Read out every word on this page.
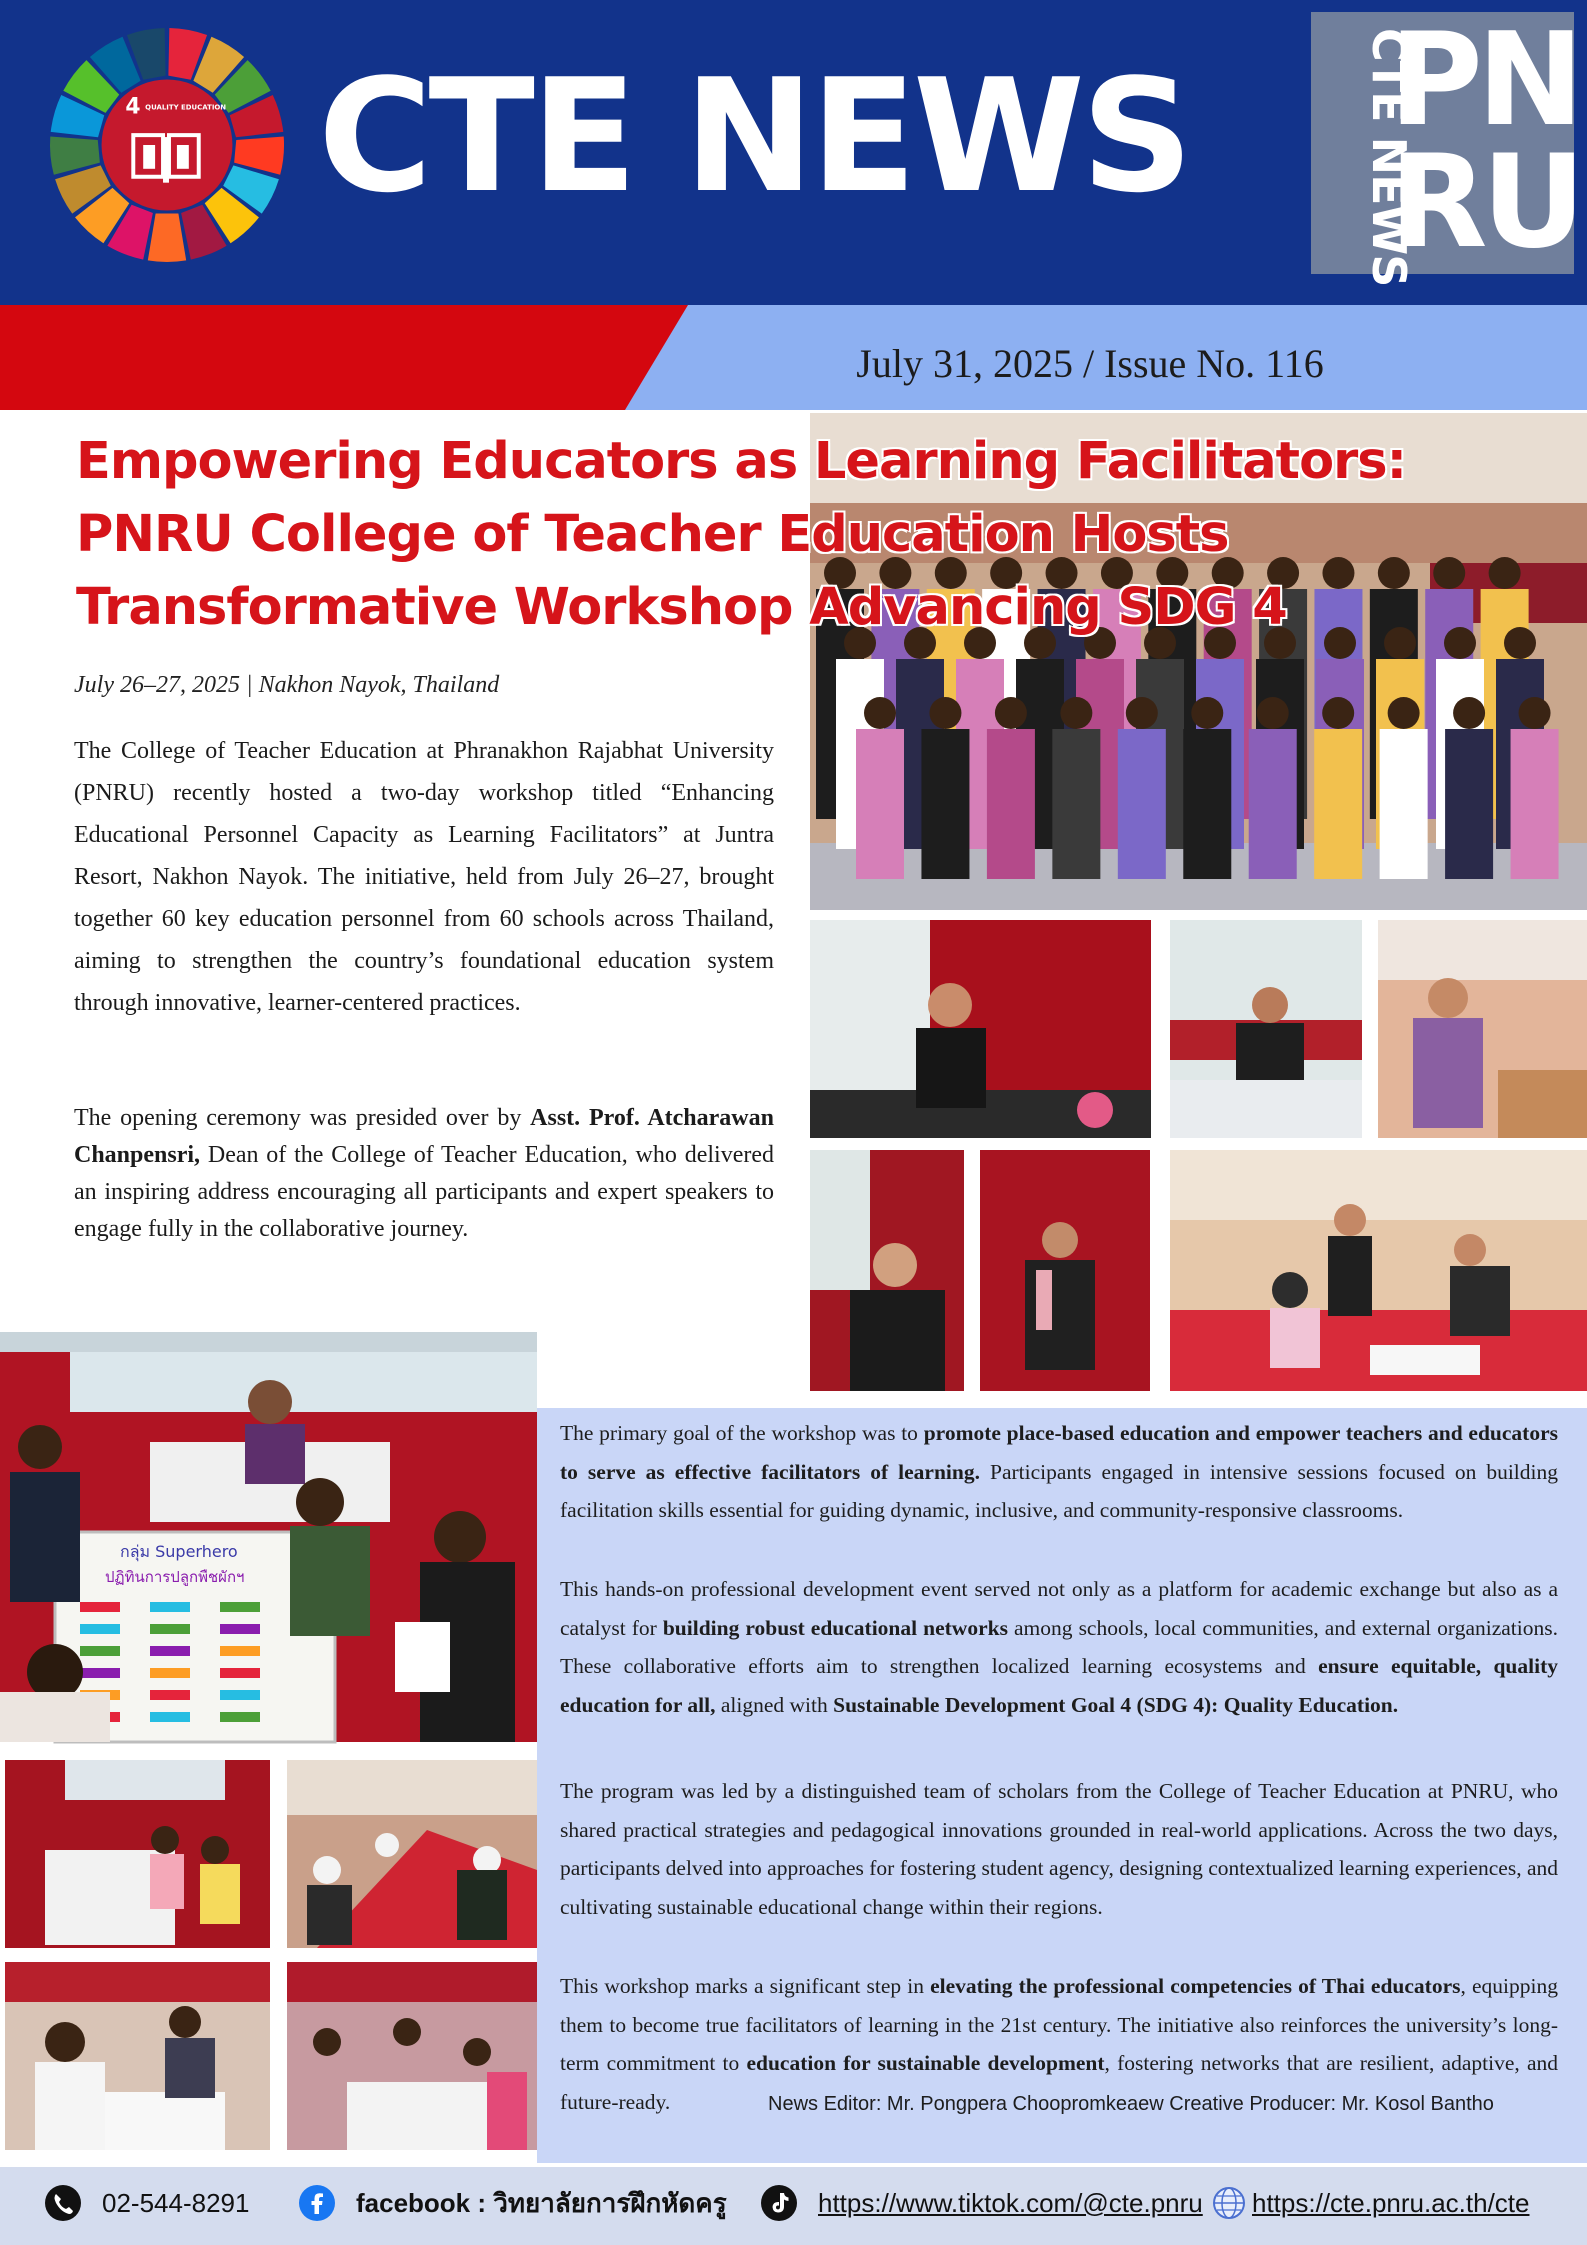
4 QUALITY EDUCATION CTE NEWS	CTE NEWS
PN
RU
July 31, 2025 / Issue No. 116
Empowering Educators as Learning Facilitators:
PNRU College of Teacher Education Hosts
Transformative Workshop Advancing SDG 4
July 26–27, 2025 | Nakhon Nayok, Thailand
The College of Teacher Education at Phranakhon Rajabhat University (PNRU) recently hosted a two-day workshop titled “Enhancing Educational Personnel Capacity as Learning Facilitators” at Juntra Resort, Nakhon Nayok. The initiative, held from July 26–27, brought together 60 key education personnel from 60 schools across Thailand, aiming to strengthen the country’s foundational education system through innovative, learner-centered practices.
The opening ceremony was presided over by Asst. Prof. Atcharawan Chanpensri, Dean of the College of Teacher Education, who delivered an inspiring address encouraging all participants and expert speakers to engage fully in the collaborative journey.
กลุ่ม Superhero
ปฏิทินการปลูกพืชผักฯ
The primary goal of the workshop was to promote place-based education and empower teachers and educators to serve as effective facilitators of learning. Participants engaged in intensive sessions focused on building facilitation skills essential for guiding dynamic, inclusive, and community-responsive classrooms.
This hands-on professional development event served not only as a platform for academic exchange but also as a catalyst for building robust educational networks among schools, local communities, and external organizations. These collaborative efforts aim to strengthen localized learning ecosystems and ensure equitable, quality education for all, aligned with Sustainable Development Goal 4 (SDG 4): Quality Education.
The program was led by a distinguished team of scholars from the College of Teacher Education at PNRU, who shared practical strategies and pedagogical innovations grounded in real-world applications. Across the two days, participants delved into approaches for fostering student agency, designing contextualized learning experiences, and cultivating sustainable educational change within their regions.
This workshop marks a significant step in elevating the professional competencies of Thai educators, equipping them to become true facilitators of learning in the 21st century. The initiative also reinforces the university’s long-term commitment to education for sustainable development, fostering networks that are resilient, adaptive, and future-ready.	News Editor: Mr. Pongpera Choopromkeaew Creative Producer: Mr. Kosol Bantho
02-544-8291	facebook : วิทยาลัยการฝึกหัดครู	https://www.tiktok.com/@cte.pnru https://cte.pnru.ac.th/cte
